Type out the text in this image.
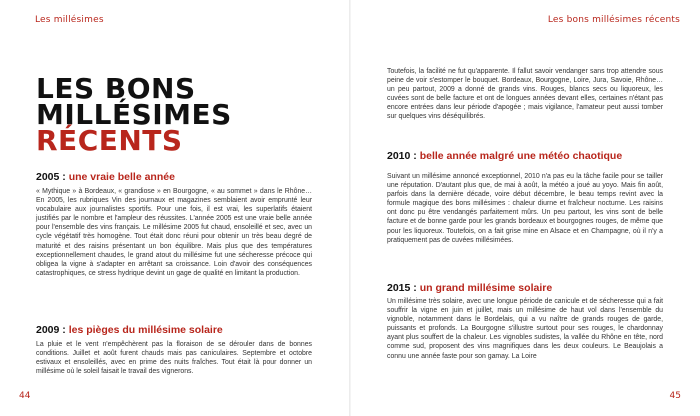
Les millésimes	Les bons millésimes récents
LES BONS
MILLÉSIMES
RÉCENTS
2005 : une vraie belle année

« Mythique » à Bordeaux, « grandiose » en Bourgogne, « au sommet » dans le Rhône… En 2005, les rubriques Vin des journaux et magazines semblaient avoir emprunté leur vocabulaire aux journalistes sportifs. Pour une fois, il est vrai, les superlatifs étaient justifiés par le nombre et l'ampleur des réussites. L'année 2005 est une vraie belle année pour l'ensemble des vins français. Le millésime 2005 fut chaud, ensoleillé et sec, avec un cycle végétatif très homogène. Tout était donc réuni pour obtenir un très beau degré de maturité et des raisins présentant un bon équilibre. Mais plus que des températures exceptionnellement chaudes, le grand atout du millésime fut une sécheresse précoce qui obligea la vigne à s'adapter en arrêtant sa croissance. Loin d'avoir des conséquences catastrophiques, ce stress hydrique devint un gage de qualité en limitant la production.

2009 : les pièges du millésime solaire

La pluie et le vent n'empêchèrent pas la floraison de se dérouler dans de bonnes conditions. Juillet et août furent chauds mais pas caniculaires. Septembre et octobre estivaux et ensoleillés, avec en prime des nuits fraîches. Tout était là pour donner un millésime où le soleil faisait le travail des vignerons.

Toutefois, la facilité ne fut qu'apparente. Il fallut savoir vendanger sans trop attendre sous peine de voir s'estomper le bouquet. Bordeaux, Bourgogne, Loire, Jura, Savoie, Rhône… un peu partout, 2009 a donné de grands vins. Rouges, blancs secs ou liquoreux, les cuvées sont de belle facture et ont de longues années devant elles, certaines n'étant pas encore entrées dans leur période d'apogée ; mais vigilance, l'amateur peut aussi tomber sur quelques vins déséquilibrés.

2010 : belle année malgré une météo chaotique

Suivant un millésime annoncé exceptionnel, 2010 n'a pas eu la tâche facile pour se tailler une réputation. D'autant plus que, de mai à août, la météo a joué au yoyo. Mais fin août, parfois dans la dernière décade, voire début décembre, le beau temps revint avec la formule magique des bons millésimes : chaleur diurne et fraîcheur nocturne. Les raisins ont donc pu être vendangés parfaitement mûrs. Un peu partout, les vins sont de belle facture et de bonne garde pour les grands bordeaux et bourgognes rouges, de même que pour les liquoreux. Toutefois, on a fait grise mine en Alsace et en Champagne, où il n'y a pratiquement pas de cuvées millésimées.

2015 : un grand millésime solaire

Un millésime très solaire, avec une longue période de canicule et de sécheresse qui a fait souffrir la vigne en juin et juillet, mais un millésime de haut vol dans l'ensemble du vignoble, notamment dans le Bordelais, qui a vu naître de grands rouges de garde, puissants et profonds. La Bourgogne s'illustre surtout pour ses rouges, le chardonnay ayant plus souffert de la chaleur. Les vignobles sudistes, la vallée du Rhône en tête, nord comme sud, proposent des vins magnifiques dans les deux couleurs. Le Beaujolais a connu une année faste pour son gamay. La Loire

44	45
